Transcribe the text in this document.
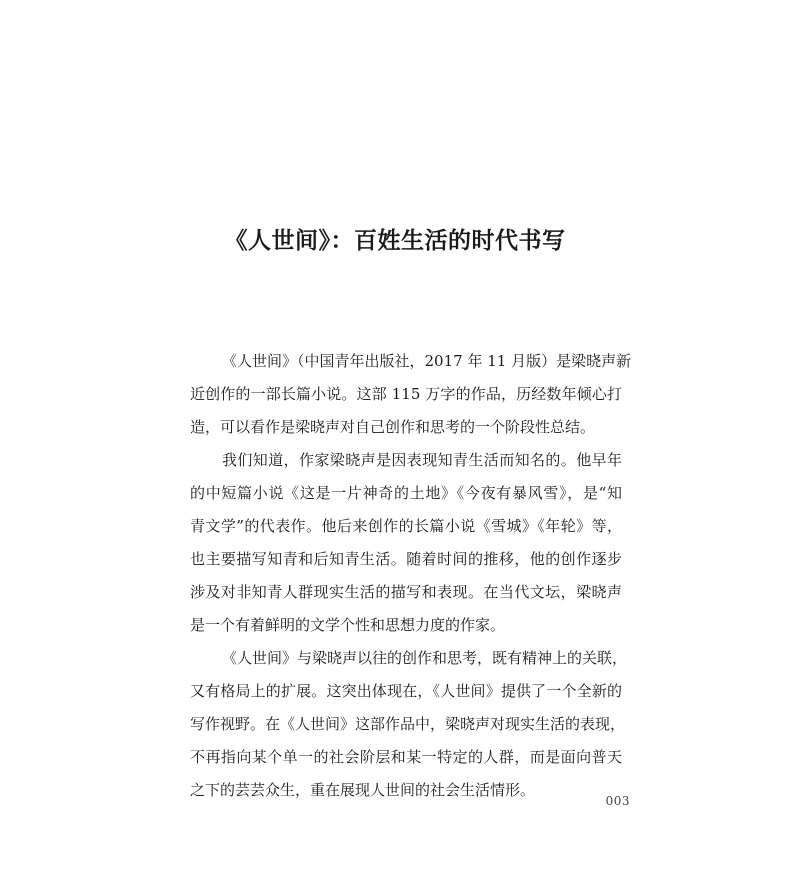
《人世间》：百姓生活的时代书写
《人世间》（中国青年出版社，2017 年 11 月版）是梁晓声新
近创作的一部长篇小说。这部 115 万字的作品，历经数年倾心打
造，可以看作是梁晓声对自己创作和思考的一个阶段性总结。
我们知道，作家梁晓声是因表现知青生活而知名的。他早年
的中短篇小说《这是一片神奇的土地》《今夜有暴风雪》，是“知
青文学”的代表作。他后来创作的长篇小说《雪城》《年轮》等，
也主要描写知青和后知青生活。随着时间的推移，他的创作逐步
涉及对非知青人群现实生活的描写和表现。在当代文坛，梁晓声
是一个有着鲜明的文学个性和思想力度的作家。
《人世间》与梁晓声以往的创作和思考，既有精神上的关联，
又有格局上的扩展。这突出体现在，《人世间》提供了一个全新的
写作视野。在《人世间》这部作品中，梁晓声对现实生活的表现，
不再指向某个单一的社会阶层和某一特定的人群，而是面向普天
之下的芸芸众生，重在展现人世间的社会生活情形。
003
